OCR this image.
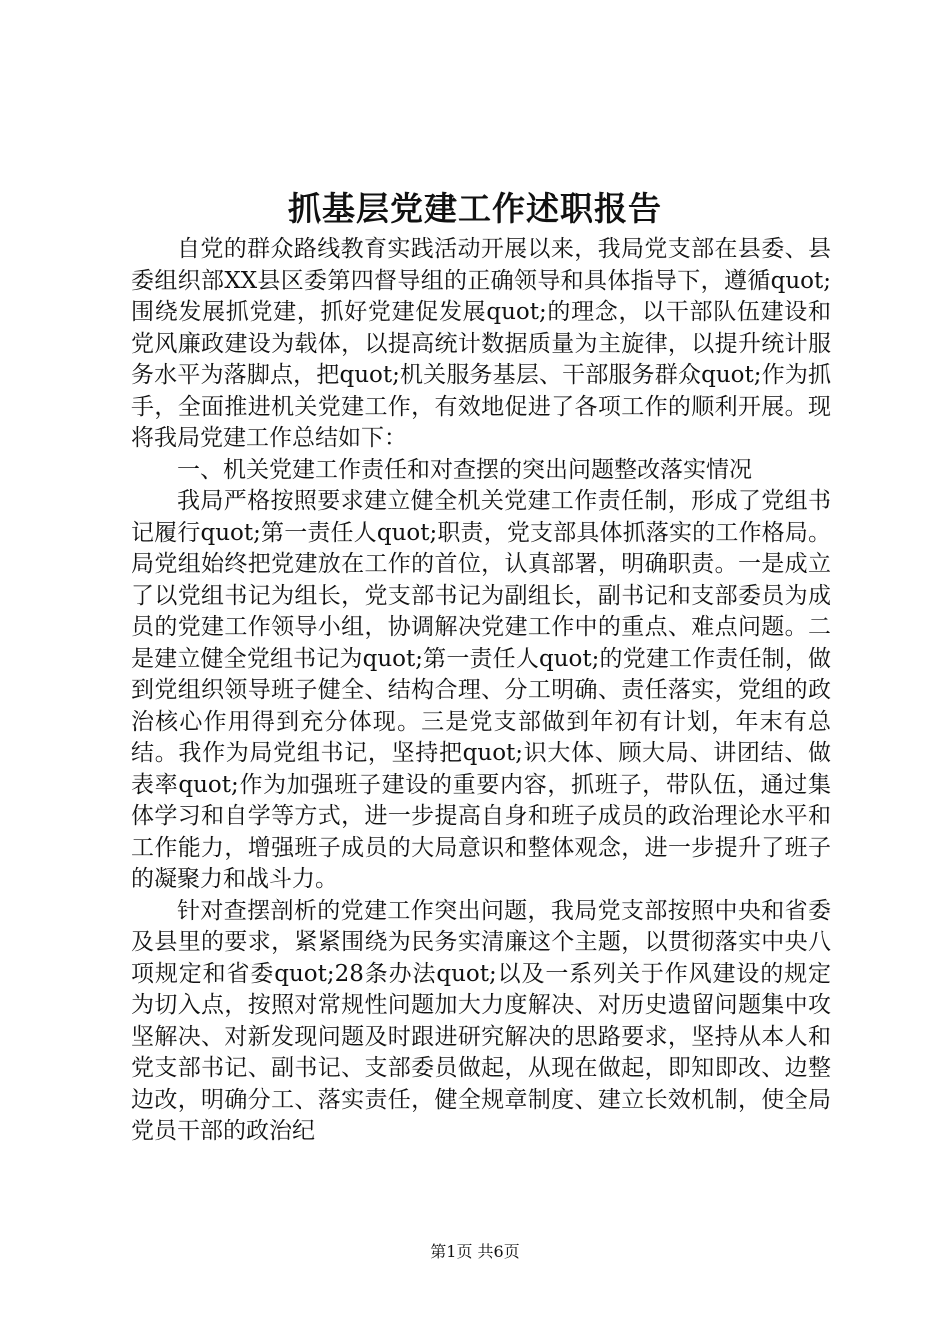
抓基层党建工作述职报告

自党的群众路线教育实践活动开展以来，我局党支部在县委、县委组织部XX县区委第四督导组的正确领导和具体指导下，遵循quot;围绕发展抓党建，抓好党建促发展quot;的理念，以干部队伍建设和党风廉政建设为载体，以提高统计数据质量为主旋律，以提升统计服务水平为落脚点，把quot;机关服务基层、干部服务群众quot;作为抓手，全面推进机关党建工作，有效地促进了各项工作的顺利开展。现将我局党建工作总结如下：

一、机关党建工作责任和对查摆的突出问题整改落实情况

我局严格按照要求建立健全机关党建工作责任制，形成了党组书记履行quot;第一责任人quot;职责，党支部具体抓落实的工作格局。局党组始终把党建放在工作的首位，认真部署，明确职责。一是成立了以党组书记为组长，党支部书记为副组长，副书记和支部委员为成员的党建工作领导小组，协调解决党建工作中的重点、难点问题。二是建立健全党组书记为quot;第一责任人quot;的党建工作责任制，做到党组织领导班子健全、结构合理、分工明确、责任落实，党组的政治核心作用得到充分体现。三是党支部做到年初有计划，年末有总结。我作为局党组书记，坚持把quot;识大体、顾大局、讲团结、做表率quot;作为加强班子建设的重要内容，抓班子，带队伍，通过集体学习和自学等方式，进一步提高自身和班子成员的政治理论水平和工作能力，增强班子成员的大局意识和整体观念，进一步提升了班子的凝聚力和战斗力。

针对查摆剖析的党建工作突出问题，我局党支部按照中央和省委及县里的要求，紧紧围绕为民务实清廉这个主题，以贯彻落实中央八项规定和省委quot;28条办法quot;以及一系列关于作风建设的规定为切入点，按照对常规性问题加大力度解决、对历史遗留问题集中攻坚解决、对新发现问题及时跟进研究解决的思路要求，坚持从本人和党支部书记、副书记、支部委员做起，从现在做起，即知即改、边整边改，明确分工、落实责任，健全规章制度、建立长效机制，使全局党员干部的政治纪

第1页 共6页
